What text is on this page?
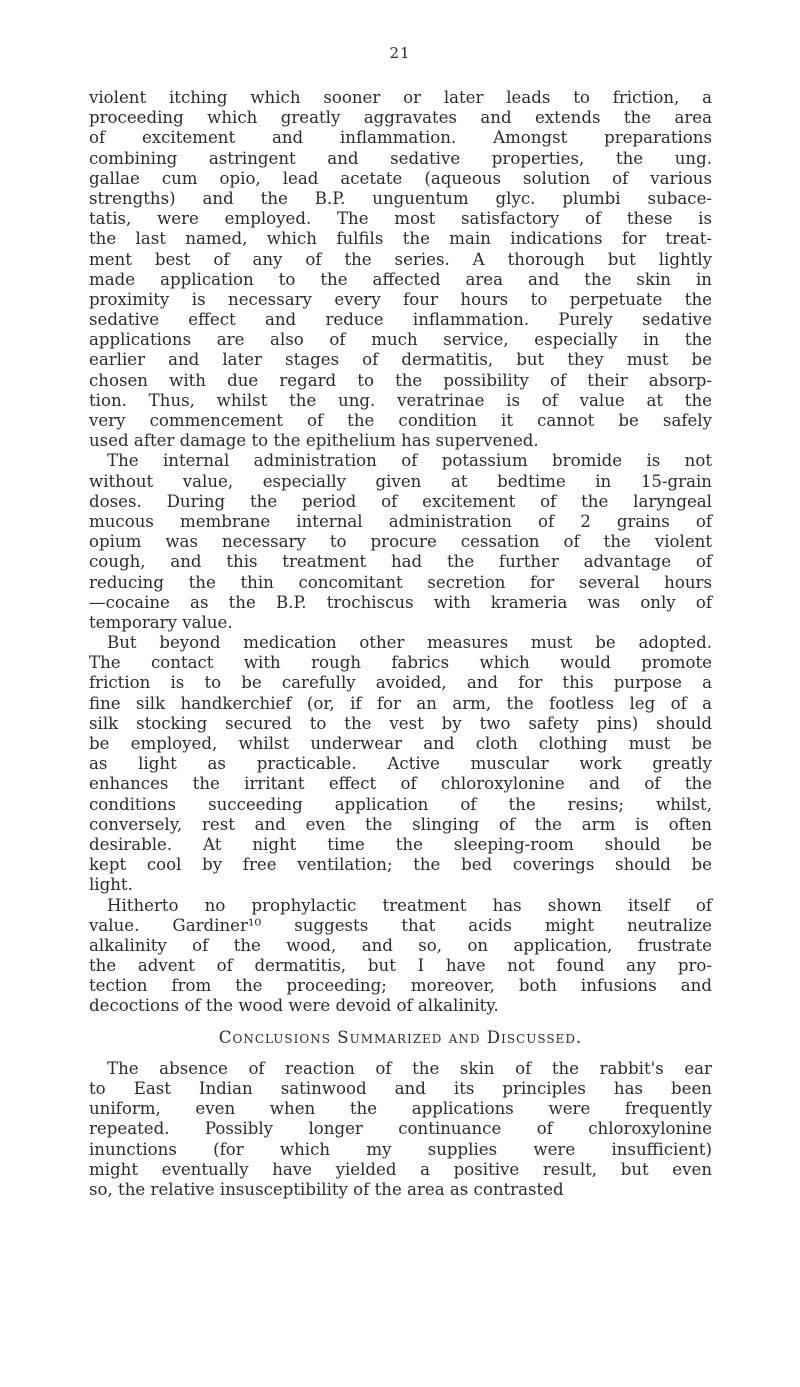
21
violent itching which sooner or later leads to friction, a
proceeding which greatly aggravates and extends the area
of excitement and inflammation. Amongst preparations
combining astringent and sedative properties, the ung.
gallae cum opio, lead acetate (aqueous solution of various
strengths) and the B.P. unguentum glyc. plumbi subace-
tatis, were employed. The most satisfactory of these is
the last named, which fulfils the main indications for treat-
ment best of any of the series. A thorough but lightly
made application to the affected area and the skin in
proximity is necessary every four hours to perpetuate the
sedative effect and reduce inflammation. Purely sedative
applications are also of much service, especially in the
earlier and later stages of dermatitis, but they must be
chosen with due regard to the possibility of their absorp-
tion. Thus, whilst the ung. veratrinae is of value at the
very commencement of the condition it cannot be safely
used after damage to the epithelium has supervened.
The internal administration of potassium bromide is not
without value, especially given at bedtime in 15-grain
doses. During the period of excitement of the laryngeal
mucous membrane internal administration of 2 grains of
opium was necessary to procure cessation of the violent
cough, and this treatment had the further advantage of
reducing the thin concomitant secretion for several hours
—cocaine as the B.P. trochiscus with krameria was only of
temporary value.
But beyond medication other measures must be adopted.
The contact with rough fabrics which would promote
friction is to be carefully avoided, and for this purpose a
fine silk handkerchief (or, if for an arm, the footless leg of a
silk stocking secured to the vest by two safety pins) should
be employed, whilst underwear and cloth clothing must be
as light as practicable. Active muscular work greatly
enhances the irritant effect of chloroxylonine and of the
conditions succeeding application of the resins; whilst,
conversely, rest and even the slinging of the arm is often
desirable. At night time the sleeping-room should be
kept cool by free ventilation; the bed coverings should be
light.
Hitherto no prophylactic treatment has shown itself of
value. Gardiner¹⁰ suggests that acids might neutralize
alkalinity of the wood, and so, on application, frustrate
the advent of dermatitis, but I have not found any pro-
tection from the proceeding; moreover, both infusions and
decoctions of the wood were devoid of alkalinity.
Conclusions Summarized and Discussed.
The absence of reaction of the skin of the rabbit's ear
to East Indian satinwood and its principles has been
uniform, even when the applications were frequently
repeated. Possibly longer continuance of chloroxylonine
inunctions (for which my supplies were insufficient)
might eventually have yielded a positive result, but even
so, the relative insusceptibility of the area as contrasted
